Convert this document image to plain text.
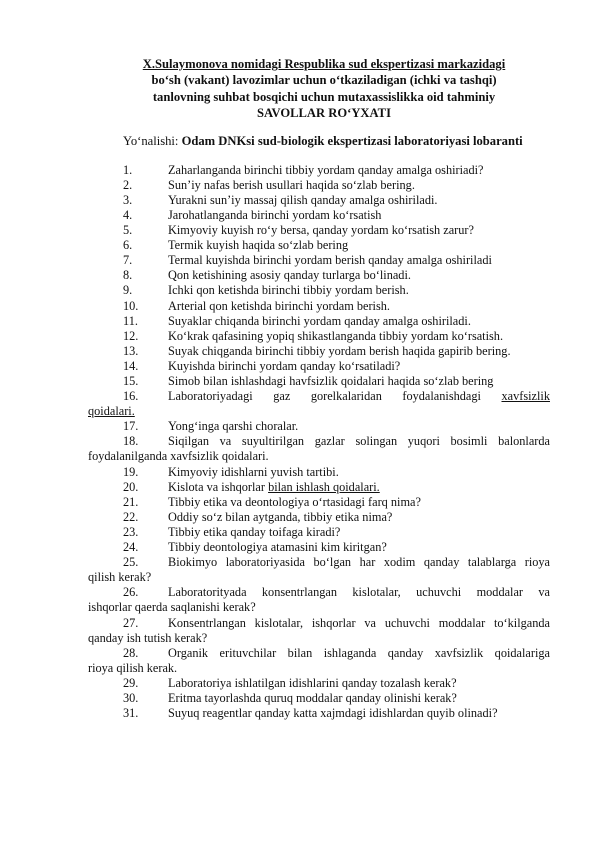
X.Sulaymonova nomidagi Respublika sud ekspertizasi markazidagi
bo‘sh (vakant) lavozimlar uchun o‘tkaziladigan (ichki va tashqi)
tanlovning suhbat bosqichi uchun mutaxassislikka oid tahminiy
SAVOLLAR RO‘YXATI
Yo‘nalishi: Odam DNKsi sud-biologik ekspertizasi laboratoriyasi lobaranti
1.	Zaharlanganda birinchi tibbiy yordam qanday amalga oshiriadi?
2.	Sun’iy nafas berish usullari haqida so‘zlab bering.
3.	Yurakni sun’iy massaj qilish qanday amalga oshiriladi.
4.	Jarohatlanganda birinchi yordam ko‘rsatish
5.	Kimyoviy kuyish ro‘y bersa, qanday yordam ko‘rsatish zarur?
6.	Termik kuyish haqida so‘zlab bering
7.	Termal kuyishda birinchi yordam berish qanday amalga oshiriladi
8.	Qon ketishining asosiy qanday turlarga bo‘linadi.
9.	Ichki qon ketishda birinchi tibbiy yordam berish.
10. Arterial qon ketishda birinchi yordam berish.
11. Suyaklar chiqanda birinchi yordam qanday amalga oshiriladi.
12. Ko‘krak qafasining yopiq shikastlanganda tibbiy yordam ko‘rsatish.
13. Suyak chiqganda birinchi tibbiy yordam berish haqida gapirib bering.
14. Kuyishda birinchi yordam qanday ko‘rsatiladi?
15. Simob bilan ishlashdagi havfsizlik qoidalari haqida so‘zlab bering
16. Laboratoriyadagi gaz gorelkalaridan foydalanishdagi xavfsizlik
qoidalari.
17. Yong‘inga qarshi choralar.
18. Siqilgan va suyultirilgan gazlar solingan yuqori bosimli balonlarda
foydalanilganda xavfsizlik qoidalari.
19. Kimyoviy idishlarni yuvish tartibi.
20. Kislota va ishqorlar bilan ishlash qoidalari.
21. Tibbiy etika va deontologiya o‘rtasidagi farq nima?
22. Oddiy so‘z bilan aytganda, tibbiy etika nima?
23. Tibbiy etika qanday toifaga kiradi?
24. Tibbiy deontologiya atamasini kim kiritgan?
25. Biokimyo laboratoriyasida bo‘lgan har xodim qanday talablarga rioya
qilish kerak?
26. Laboratorityada konsentrlangan kislotalar, uchuvchi moddalar va
ishqorlar qaerda saqlanishi kerak?
27. Konsentrlangan kislotalar, ishqorlar va uchuvchi moddalar to‘kilganda
qanday ish tutish kerak?
28. Organik erituvchilar bilan ishlaganda qanday xavfsizlik qoidalariga
rioya qilish kerak.
29. Laboratoriya ishlatilgan idishlarini qanday tozalash kerak?
30. Eritma tayorlashda quruq moddalar qanday olinishi kerak?
31. Suyuq reagentlar qanday katta xajmdagi idishlardan quyib olinadi?
